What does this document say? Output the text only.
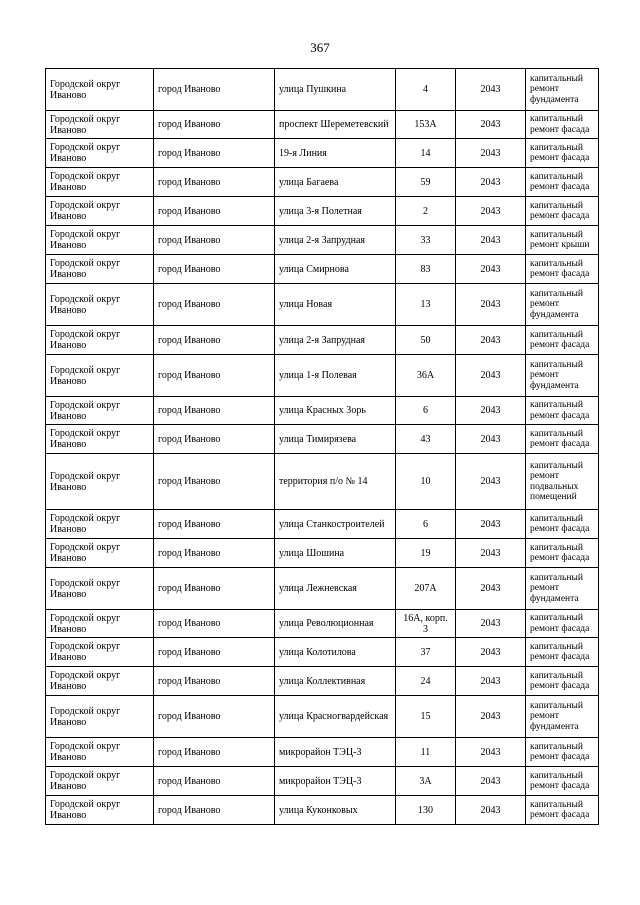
367
Городской округ Иваново	город Иваново	улица Пушкина	4	2043	капитальный ремонт фундамента
Городской округ Иваново	город Иваново	проспект Шереметевский	153А	2043	капитальный ремонт фасада
Городской округ Иваново	город Иваново	19-я Линия	14	2043	капитальный ремонт фасада
Городской округ Иваново	город Иваново	улица Багаева	59	2043	капитальный ремонт фасада
Городской округ Иваново	город Иваново	улица 3-я Полетная	2	2043	капитальный ремонт фасада
Городской округ Иваново	город Иваново	улица 2-я Запрудная	33	2043	капитальный ремонт крыши
Городской округ Иваново	город Иваново	улица Смирнова	83	2043	капитальный ремонт фасада
Городской округ Иваново	город Иваново	улица Новая	13	2043	капитальный ремонт фундамента
Городской округ Иваново	город Иваново	улица 2-я Запрудная	50	2043	капитальный ремонт фасада
Городской округ Иваново	город Иваново	улица 1-я Полевая	36А	2043	капитальный ремонт фундамента
Городской округ Иваново	город Иваново	улица Красных Зорь	6	2043	капитальный ремонт фасада
Городской округ Иваново	город Иваново	улица Тимирязева	43	2043	капитальный ремонт фасада
Городской округ Иваново	город Иваново	территория п/о № 14	10	2043	капитальный ремонт подвальных помещений
Городской округ Иваново	город Иваново	улица Станкостроителей	6	2043	капитальный ремонт фасада
Городской округ Иваново	город Иваново	улица Шошина	19	2043	капитальный ремонт фасада
Городской округ Иваново	город Иваново	улица Лежневская	207А	2043	капитальный ремонт фундамента
Городской округ Иваново	город Иваново	улица Революционная	16А, корп. 3	2043	капитальный ремонт фасада
Городской округ Иваново	город Иваново	улица Колотилова	37	2043	капитальный ремонт фасада
Городской округ Иваново	город Иваново	улица Коллективная	24	2043	капитальный ремонт фасада
Городской округ Иваново	город Иваново	улица Красногвардейская	15	2043	капитальный ремонт фундамента
Городской округ Иваново	город Иваново	микрорайон ТЭЦ-3	11	2043	капитальный ремонт фасада
Городской округ Иваново	город Иваново	микрорайон ТЭЦ-3	3А	2043	капитальный ремонт фасада
Городской округ Иваново	город Иваново	улица Куконковых	130	2043	капитальный ремонт фасада
